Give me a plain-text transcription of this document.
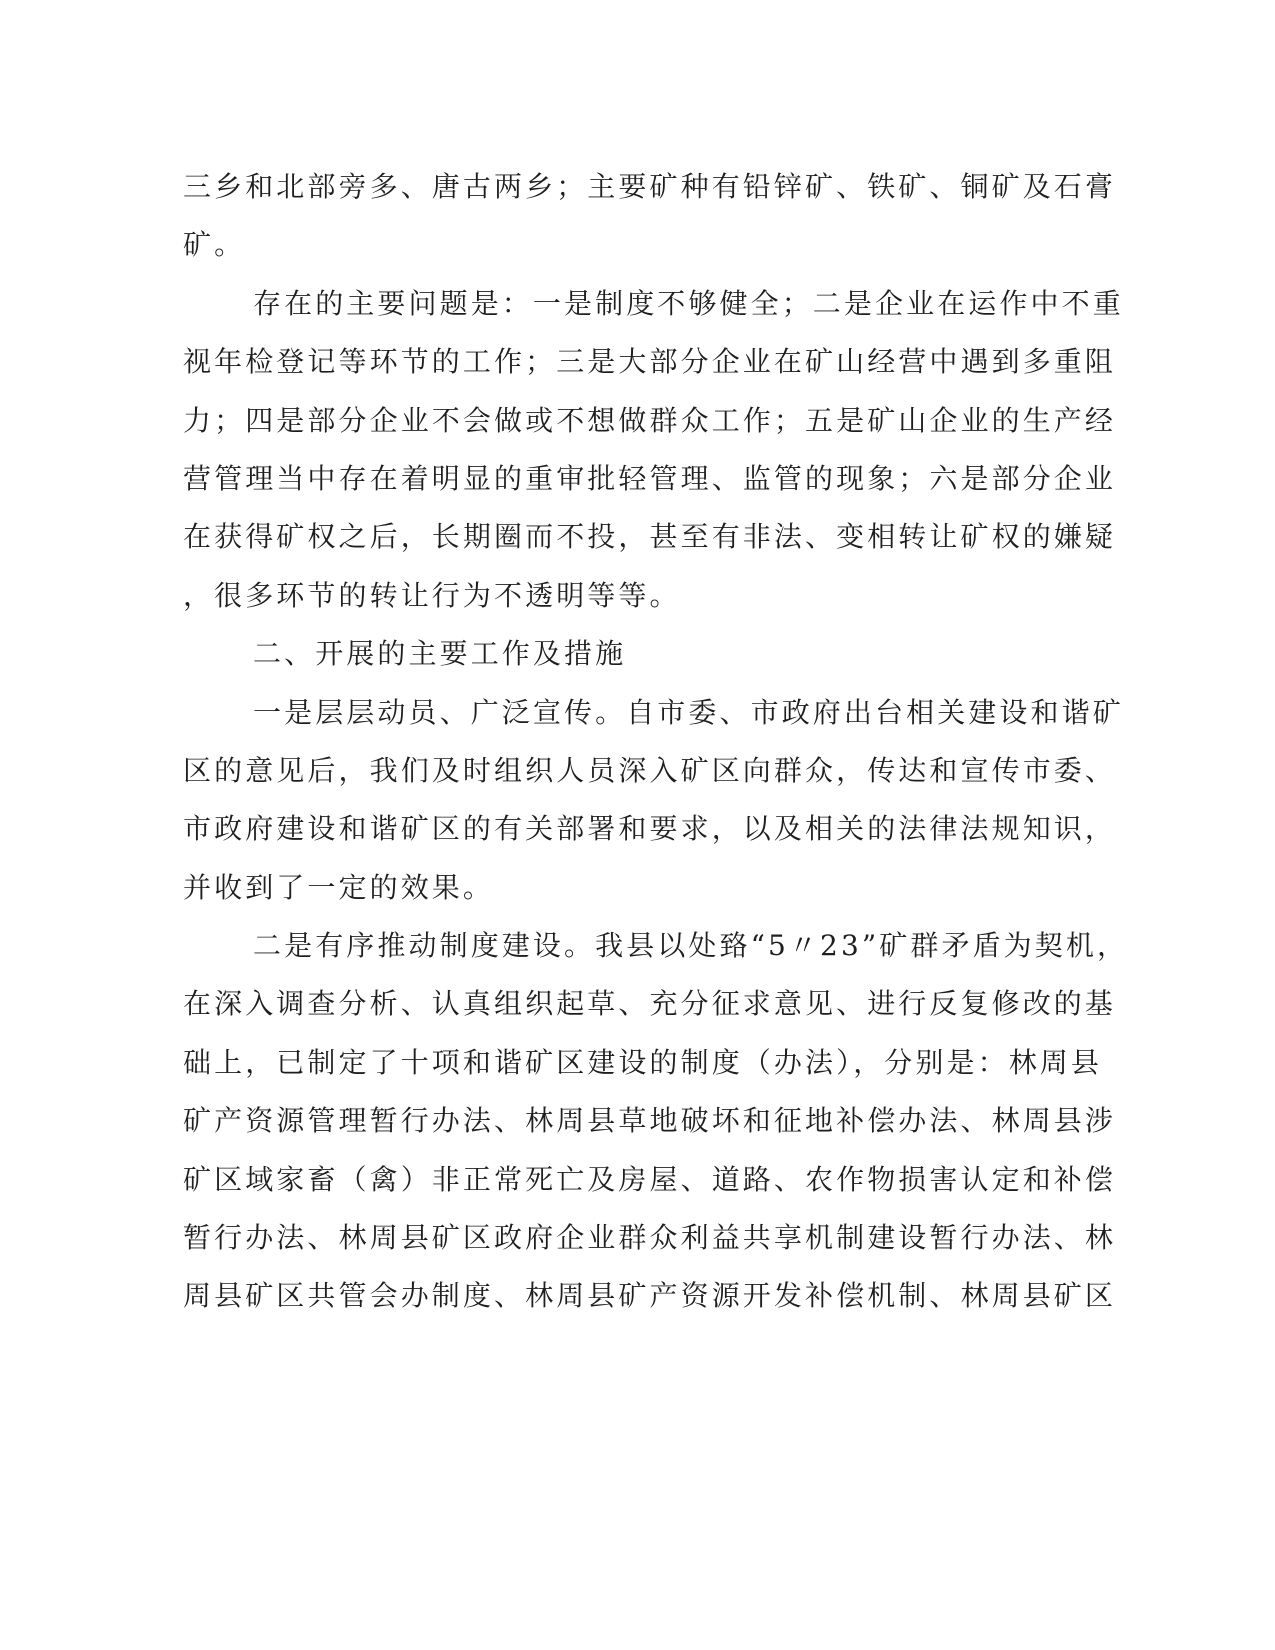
三乡和北部旁多、唐古两乡；主要矿种有铅锌矿、铁矿、铜矿及石膏
矿。
存在的主要问题是：一是制度不够健全；二是企业在运作中不重
视年检登记等环节的工作；三是大部分企业在矿山经营中遇到多重阻
力；四是部分企业不会做或不想做群众工作；五是矿山企业的生产经
营管理当中存在着明显的重审批轻管理、监管的现象；六是部分企业
在获得矿权之后，长期圈而不投，甚至有非法、变相转让矿权的嫌疑
，很多环节的转让行为不透明等等。
二、开展的主要工作及措施
一是层层动员、广泛宣传。自市委、市政府出台相关建设和谐矿
区的意见后，我们及时组织人员深入矿区向群众，传达和宣传市委、
市政府建设和谐矿区的有关部署和要求，以及相关的法律法规知识，
并收到了一定的效果。
二是有序推动制度建设。我县以处臵“5〃23”矿群矛盾为契机，
在深入调查分析、认真组织起草、充分征求意见、进行反复修改的基
础上，已制定了十项和谐矿区建设的制度（办法），分别是：林周县
矿产资源管理暂行办法、林周县草地破坏和征地补偿办法、林周县涉
矿区域家畜（禽）非正常死亡及房屋、道路、农作物损害认定和补偿
暂行办法、林周县矿区政府企业群众利益共享机制建设暂行办法、林
周县矿区共管会办制度、林周县矿产资源开发补偿机制、林周县矿区
